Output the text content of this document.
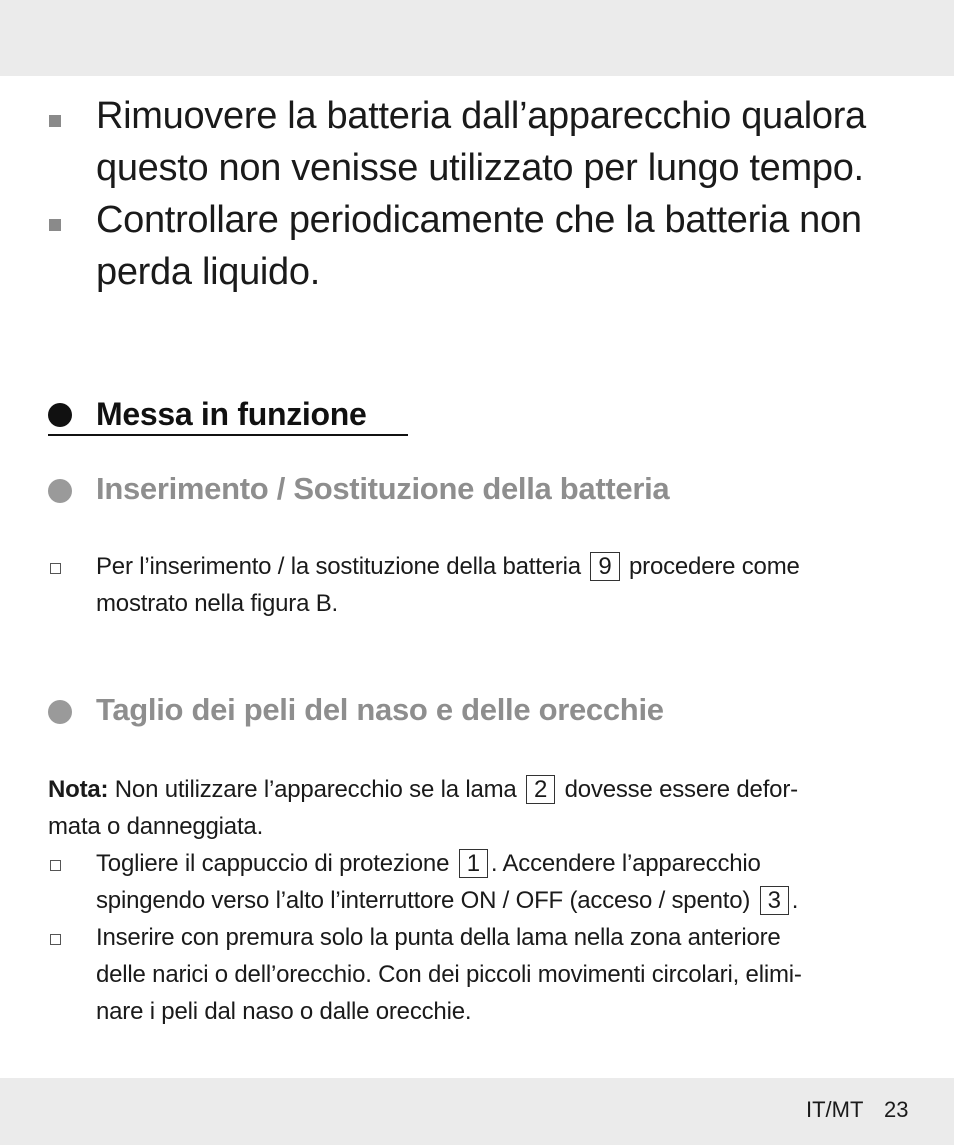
Rimuovere la batteria dall’apparecchio qualora questo non venisse utilizzato per lungo tempo.
Controllare periodicamente che la batteria non perda liquido.
Messa in funzione
Inserimento / Sostituzione della batteria
Per l’inserimento / la sostituzione della batteria 9 procedere come
mostrato nella figura B.
Taglio dei peli del naso e delle orecchie
Nota: Non utilizzare l’apparecchio se la lama 2 dovesse essere defor-
mata o danneggiata.
Togliere il cappuccio di protezione 1 . Accendere l’apparecchio
spingendo verso l’alto l’interruttore ON / OFF (acceso / spento) 3 .
Inserire con premura solo la punta della lama nella zona anteriore
delle narici o dell’orecchio. Con dei piccoli movimenti circolari, elimi-
nare i peli dal naso o dalle orecchie.
IT/MT 23
